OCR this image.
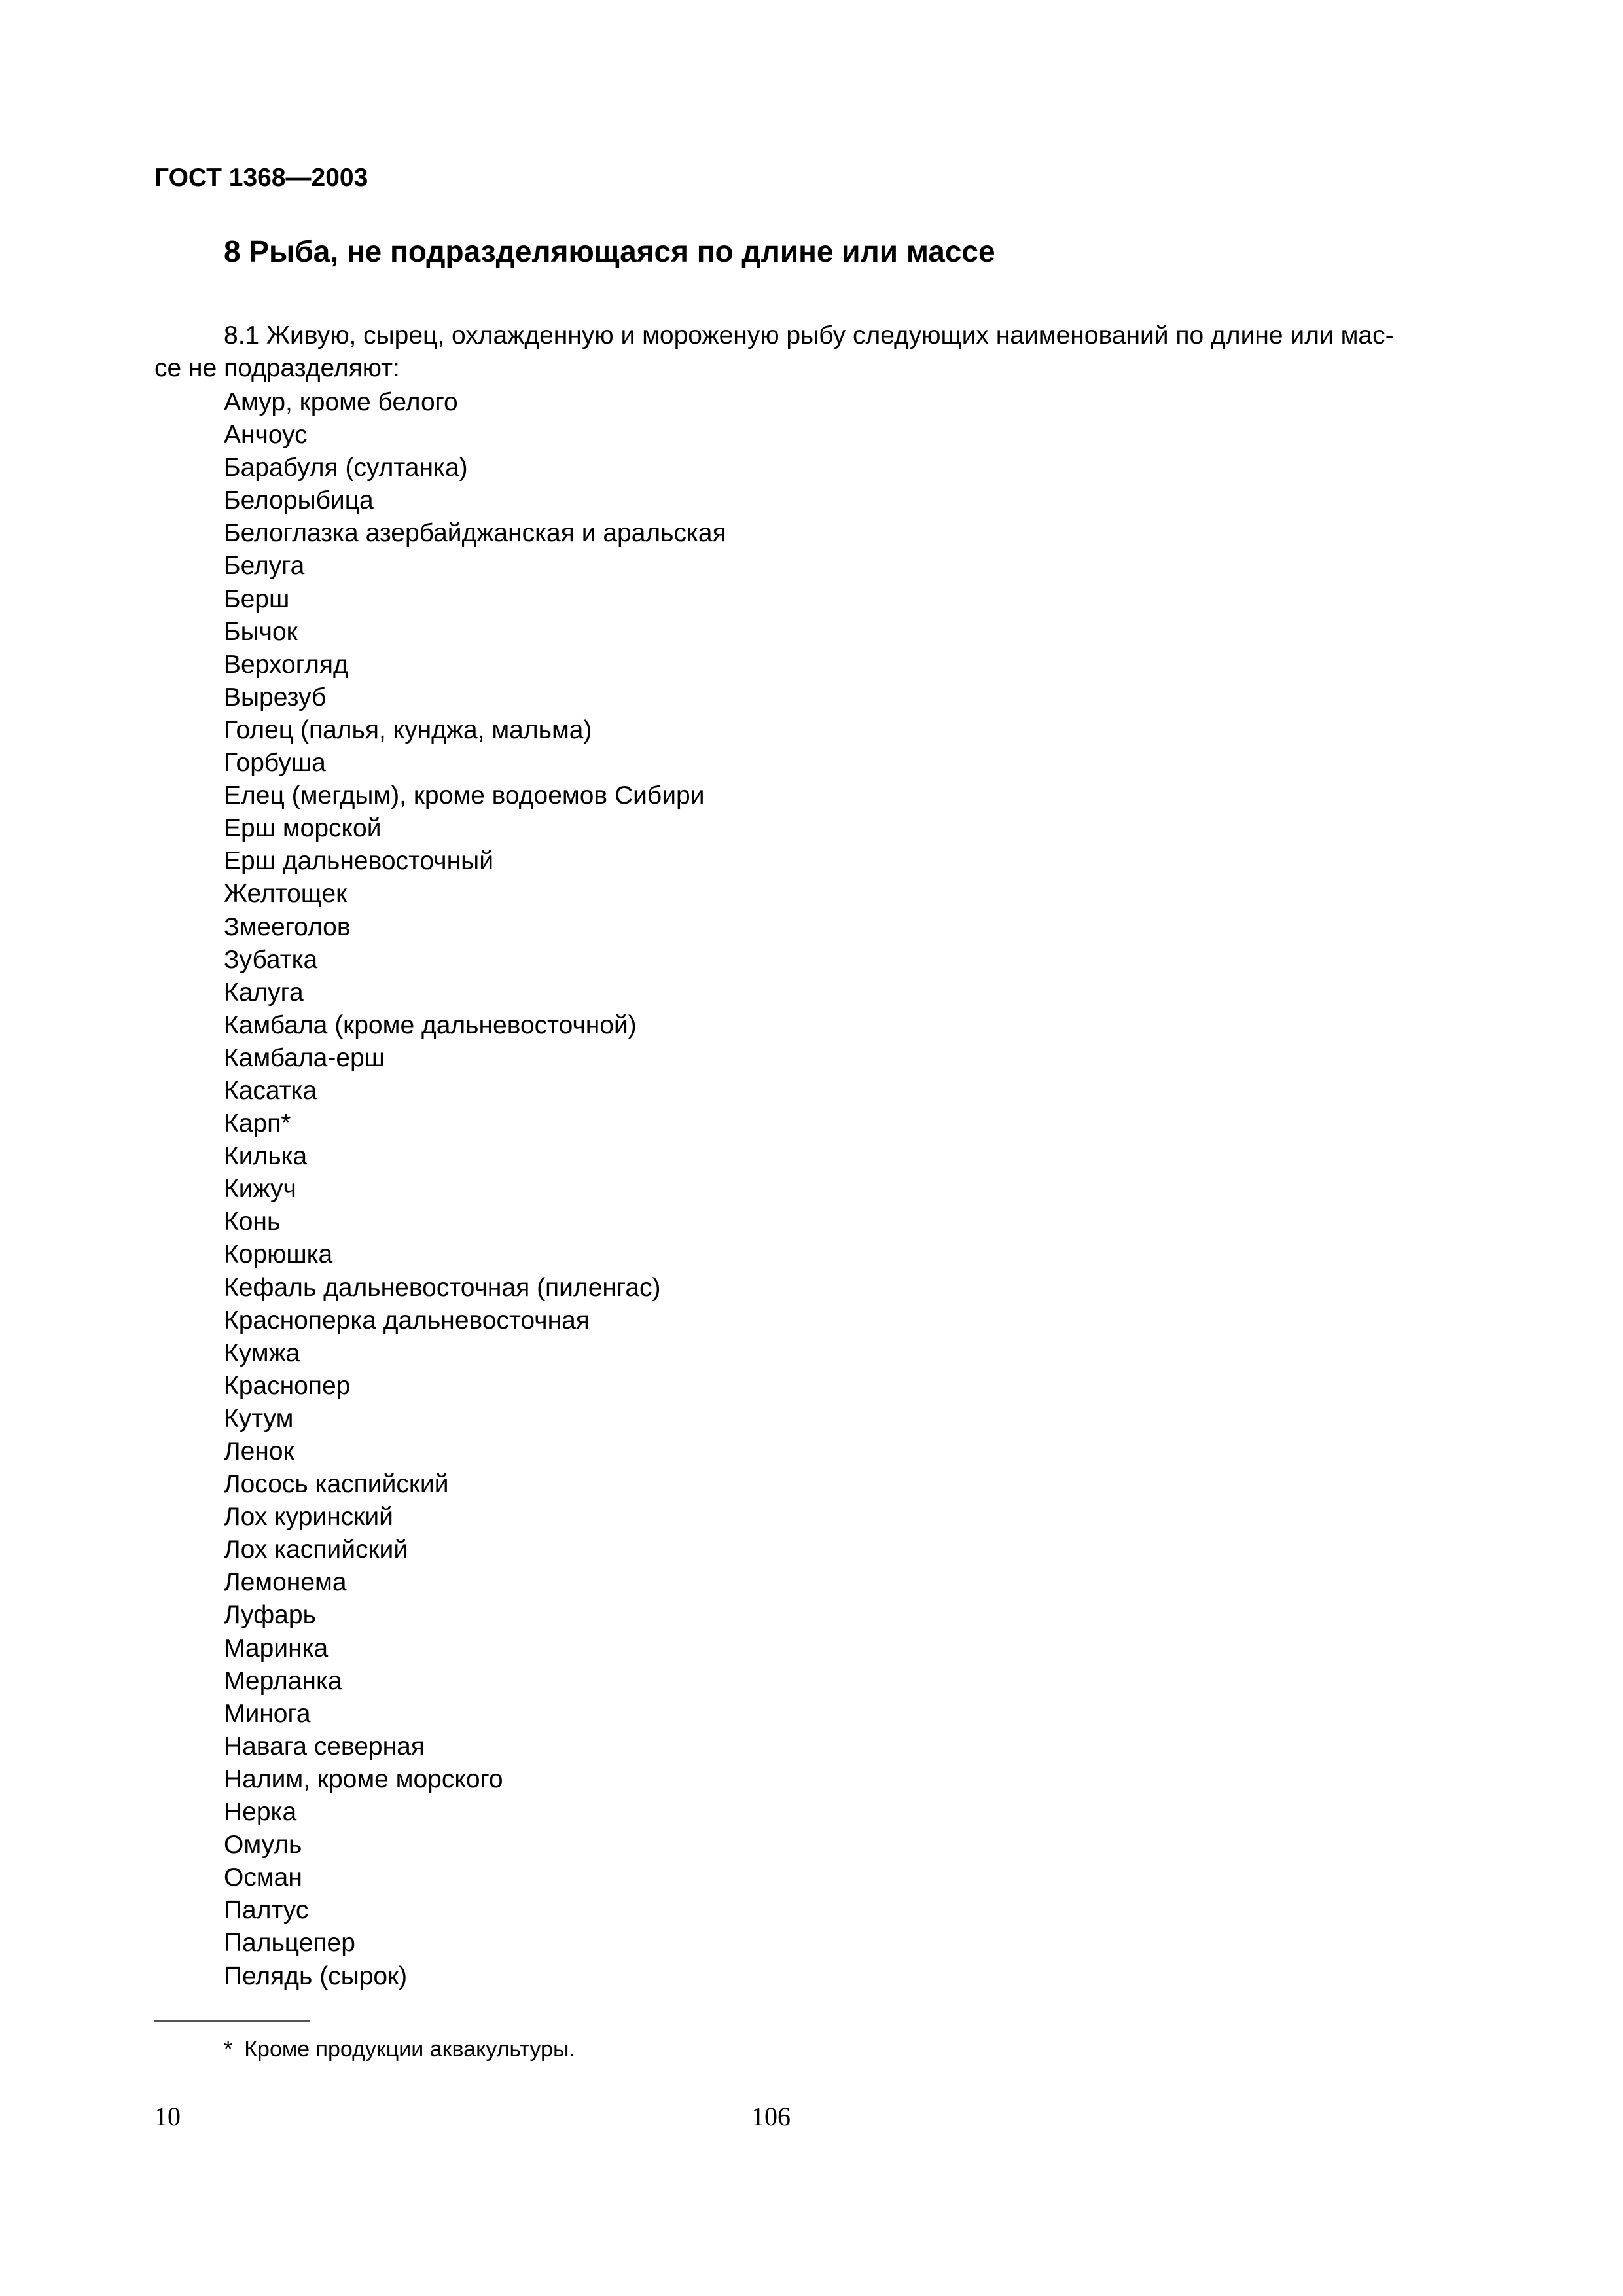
ГОСТ 1368—2003
8 Рыба, не подразделяющаяся по длине или массе
8.1 Живую, сырец, охлажденную и мороженую рыбу следующих наименований по длине или мас-
се не подразделяют:
Амур, кроме белого
Анчоус
Барабуля (султанка)
Белорыбица
Белоглазка азербайджанская и аральская
Белуга
Берш
Бычок
Верхогляд
Вырезуб
Голец (палья, кунджа, мальма)
Горбуша
Елец (мегдым), кроме водоемов Сибири
Ерш морской
Ерш дальневосточный
Желтощек
Змееголов
Зубатка
Калуга
Камбала (кроме дальневосточной)
Камбала-ерш
Касатка
Карп*
Килька
Кижуч
Конь
Корюшка
Кефаль дальневосточная (пиленгас)
Красноперка дальневосточная
Кумжа
Краснопер
Кутум
Ленок
Лосось каспийский
Лох куринский
Лох каспийский
Лемонема
Луфарь
Маринка
Мерланка
Минога
Навага северная
Налим, кроме морского
Нерка
Омуль
Осман
Палтус
Пальцепер
Пелядь (сырок)
* Кроме продукции аквакультуры.
10	106
